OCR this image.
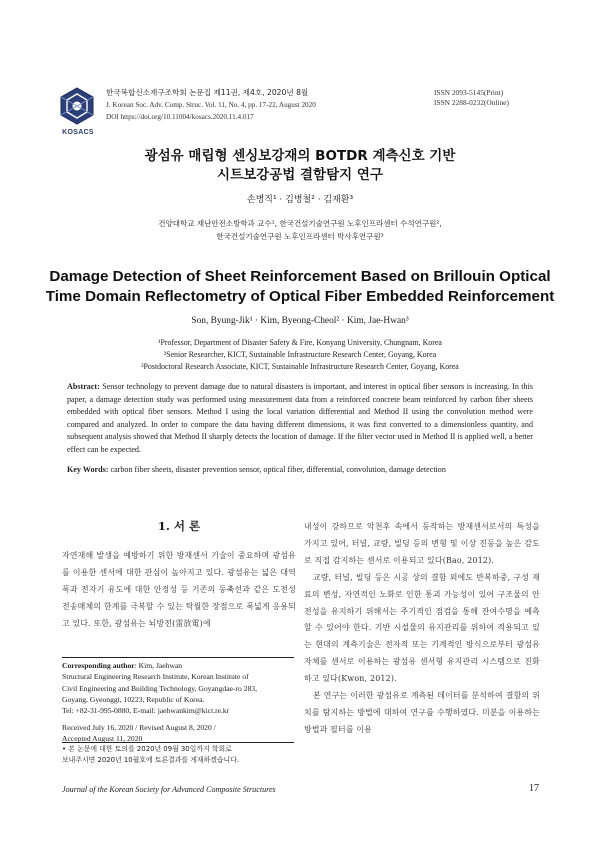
KOSACS
한국복합신소재구조학회 논문집 제11권, 제4호, 2020년 8월
J. Korean Soc. Adv. Comp. Struc. Vol. 11, No. 4, pp. 17-22, August 2020
DOI https://doi.org/10.11004/kosacs.2020.11.4.017
ISSN 2093-5145(Print)
ISSN 2288-0232(Online)
광섬유 매립형 센싱보강재의 BOTDR 계측신호 기반
시트보강공법 결함탐지 연구
손병직¹ · 김병철² · 김재환³
건양대학교 재난안전소방학과 교수¹, 한국건설기술연구원 노후인프라센터 수석연구원²,
한국건설기술연구원 노후인프라센터 박사후연구원³
Damage Detection of Sheet Reinforcement Based on Brillouin Optical
Time Domain Reflectometry of Optical Fiber Embedded Reinforcement
Son, Byung-Jik¹ · Kim, Byeong-Cheol² · Kim, Jae-Hwan³
¹Professor, Department of Disaster Safety & Fire, Konyang University, Chungnam, Korea
²Senior Researcher, KICT, Sustainable Infrastructure Research Center, Goyang, Korea
³Postdoctoral Research Associate, KICT, Sustainable Infrastructure Research Center, Goyang, Korea
Abstract: Sensor technology to prevent damage due to natural disasters is important, and interest in optical fiber sensors is increasing. In this paper, a damage detection study was performed using measurement data from a reinforced concrete beam reinforced by carbon fiber sheets embedded with optical fiber sensors. Method I using the local variation differential and Method II using the convolution method were compared and analyzed. In order to compare the data having different dimensions, it was first converted to a dimensionless quantity, and subsequent analysis showed that Method II sharply detects the location of damage. If the filter vector used in Method II is applied well, a better effect can be expected.
Key Words: carbon fiber sheets, disaster prevention sensor, optical fiber, differential, convolution, damage detection
1. 서 론

자연재해 발생을 예방하기 위한 방재센서 기술이 중요하며 광섬유를 이용한 센서에 대한 관심이 높아지고 있다. 광섬유는 넓은 대역폭과 전자기 유도에 대한 안정성 등 기존의 동축선과 같은 도전성 전송매체의 한계를 극복할 수 있는 탁월한 장점으로 폭넓게 응용되고 있다. 또한, 광섬유는 뇌방전(雷放電)에

Corresponding author: Kim, Jaehwan
Structural Engineering Research Institute, Korean Institute of
Civil Engineering and Building Technology, Goyangdae-ro 283,
Goyang, Gyeonggi, 10223, Republic of Korea.
Tel: +82-31-995-0880, E-mail: jaehwankim@kict.re.kr
Received July 16, 2020 / Revised August 8, 2020 /
Accepted August 11, 2020
• 본 논문에 대한 토의를 2020년 09월 30일까지 학회로
보내주시면 2020년 10월호에 토론결과를 게재하겠습니다.

내성이 강하므로 악천후 속에서 동작하는 방재센서로서의 특성을 가지고 있어, 터널, 교량, 빌딩 등의 변형 및 이상 진동을 높은 감도로 직접 감지하는 센서로 이용되고 있다(Bao, 2012).

교량, 터널, 빌딩 등은 시공 상의 결함 외에도 반복하중, 구성 재료의 변성, 자연적인 노화로 인한 통괴 가능성이 있어 구조물의 안전성을 유지하기 위해서는 주기적인 점검을 통해 잔여수명을 예측할 수 있어야 한다. 기반 시설물의 유지관리를 위하여 적용되고 있는 현대의 계측기술은 전자적 또는 기계적인 방식으로부터 광섬유 자체를 센서로 이용하는 광섬유 센서형 유지관리 시스템으로 진화하고 있다(Kwon, 2012).

본 연구는 이러한 광섬유로 계측된 데이터를 분석하여 결함의 위치를 탐지하는 방법에 대하여 연구를 수행하였다. 미분을 이용하는 방법과 필터를 이용

Journal of the Korean Society for Advanced Composite Structures	17
